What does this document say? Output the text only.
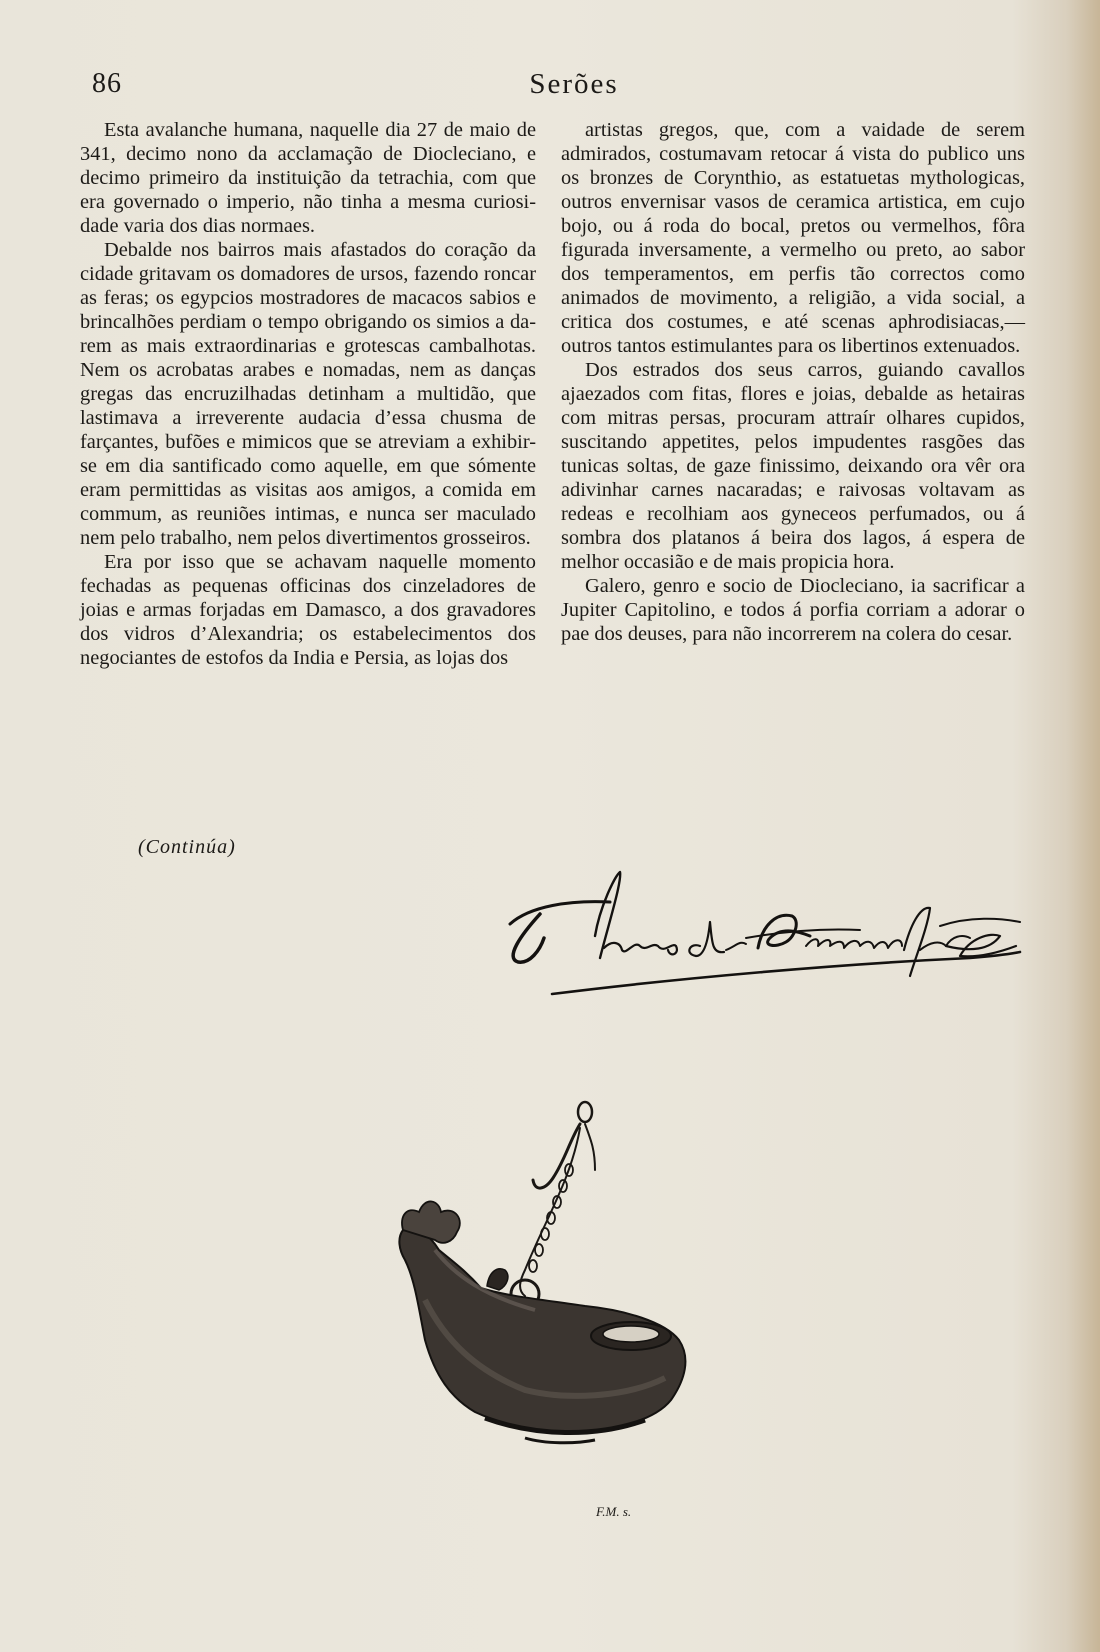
86	Serões

Esta avalanche humana, naquelle dia 27 de maio de 341, decimo nono da acclamação de Diocleciano, e decimo primeiro da instituição da tetrachia, com que era governado o imperio, não tinha a mesma curiosidade varia dos dias normaes.

Debalde nos bairros mais afastados do coração da cidade gritavam os domadores de ursos, fazendo roncar as feras; os egypcios mostradores de macacos sabios e brincalhões perdiam o tempo obrigando os simios a darem as mais extraordinarias e grotescas cambalhotas. Nem os acrobatas arabes e nomadas, nem as danças gregas das encruzilhadas detinham a multidão, que lastimava a irreverente audacia d’essa chusma de farçantes, bufões e mimicos que se atreviam a exhibir-se em dia santificado como aquelle, em que sómente eram permittidas as visitas aos amigos, a comida em commum, as reuniões intimas, e nunca ser maculado nem pelo trabalho, nem pelos divertimentos grosseiros.

Era por isso que se achavam naquelle momento fechadas as pequenas officinas dos cinzeladores de joias e armas forjadas em Damasco, a dos gravadores dos vidros d’Alexandria; os estabelecimentos dos negociantes de estofos da India e Persia, as lojas dos

artistas gregos, que, com a vaidade de serem admirados, costumavam retocar á vista do publico uns os bronzes de Corynthio, as estatuetas mythologicas, outros envernisar vasos de ceramica artistica, em cujo bojo, ou á roda do bocal, pretos ou vermelhos, fôra figurada inversamente, a vermelho ou preto, ao sabor dos temperamentos, em perfis tão correctos como animados de movimento, a religião, a vida social, a critica dos costumes, e até scenas aphrodisiacas,—outros tantos estimulantes para os libertinos extenuados.

Dos estrados dos seus carros, guiando cavallos ajaezados com fitas, flores e joias, debalde as hetairas com mitras persas, procuram attraír olhares cupidos, suscitando appetites, pelos impudentes rasgões das tunicas soltas, de gaze finissimo, deixando ora vêr ora adivinhar carnes nacaradas; e raivosas voltavam as redeas e recolhiam aos gyneceos perfumados, ou á sombra dos platanos á beira dos lagos, á espera de melhor occasião e de mais propicia hora.

Galero, genro e socio de Diocleciano, ia sacrificar a Jupiter Capitolino, e todos á porfia corriam a adorar o pae dos deuses, para não incorrerem na colera do cesar.

(Continúa)
F.M. s.
